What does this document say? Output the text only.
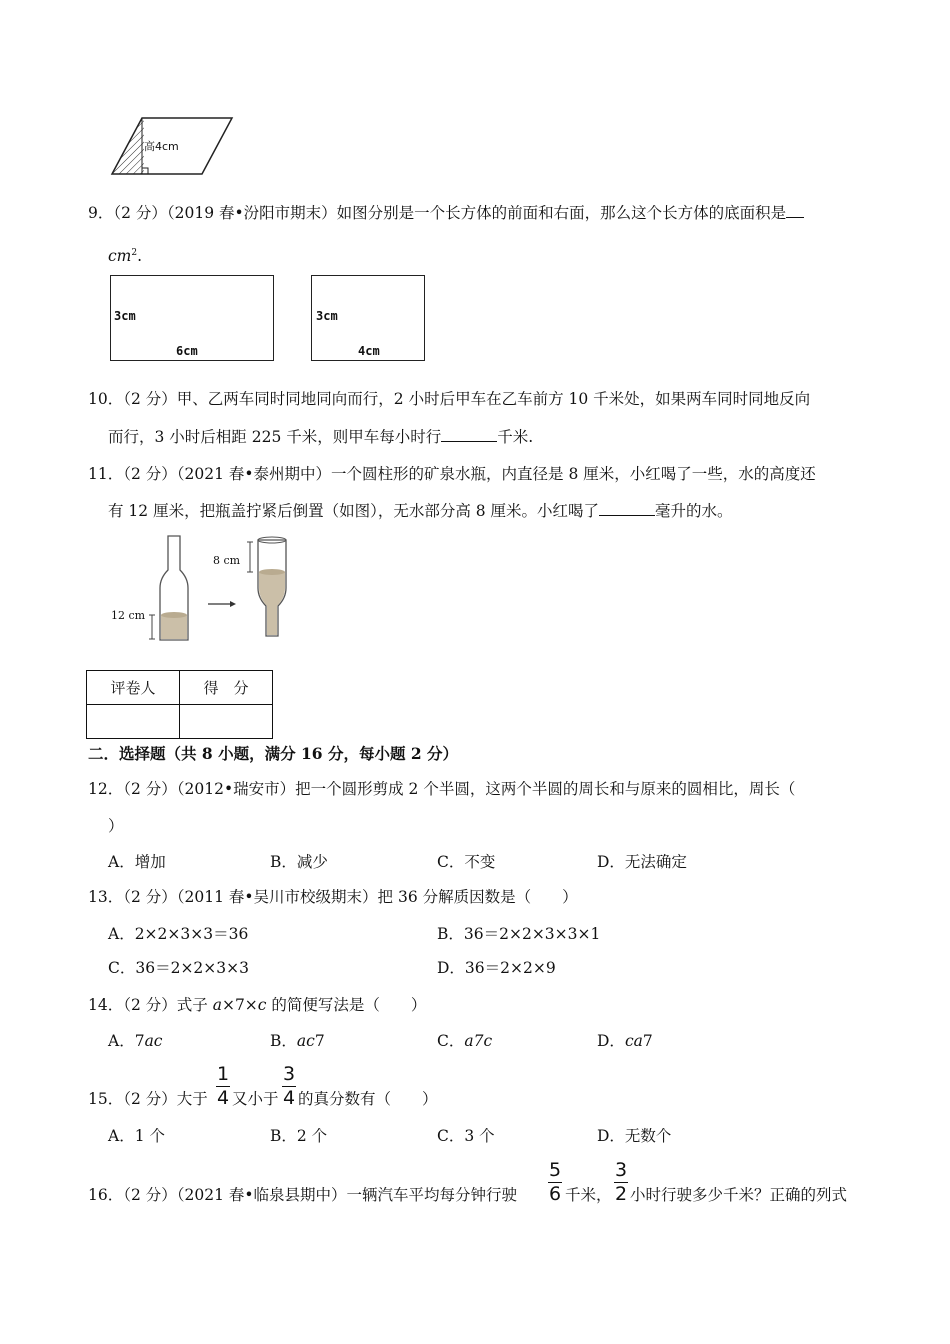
高4cm
9．（2 分）（2019 春•汾阳市期末）如图分别是一个长方体的前面和右面，那么这个长方体的底面积是
$cm^2$.
3cm
6cm
3cm
4cm
10．（2 分）甲、乙两车同时同地同向而行，2 小时后甲车在乙车前方 10 千米处，如果两车同时同地反向
而行，3 小时后相距 225 千米，则甲车每小时行	千米.
11．（2 分）（2021 春•泰州期中）一个圆柱形的矿泉水瓶，内直径是 8 厘米，小红喝了一些，水的高度还
有 12 厘米，把瓶盖拧紧后倒置（如图），无水部分高 8 厘米。小红喝了	毫升的水。
8 cm
12 cm
评卷人	得　分

二．选择题（共 8 小题，满分 16 分，每小题 2 分）
12．（2 分）（2012•瑞安市）把一个圆形剪成 2 个半圆，这两个半圆的周长和与原来的圆相比，周长（
）
A．增加	B．减少	C．不变	D．无法确定
13．（2 分）（2011 春•吴川市校级期末）把 36 分解质因数是（　　）
A．2×2×3×3＝36	B．36＝2×2×3×3×1
C．36＝2×2×3×3	D．36＝2×2×9
14．（2 分）式子 a×7×c 的简便写法是（　　）
A．7ac	B．ac7	C．a7c	D．ca7
15．（2 分）大于
1
4 又小于
3
4 的真分数有（　　）
A．1 个	B．2 个	C．3 个	D．无数个
16．（2 分）（2021 春•临泉县期中）一辆汽车平均每分钟行驶
5
6 千米，
3
2 小时行驶多少千米？正确的列式
